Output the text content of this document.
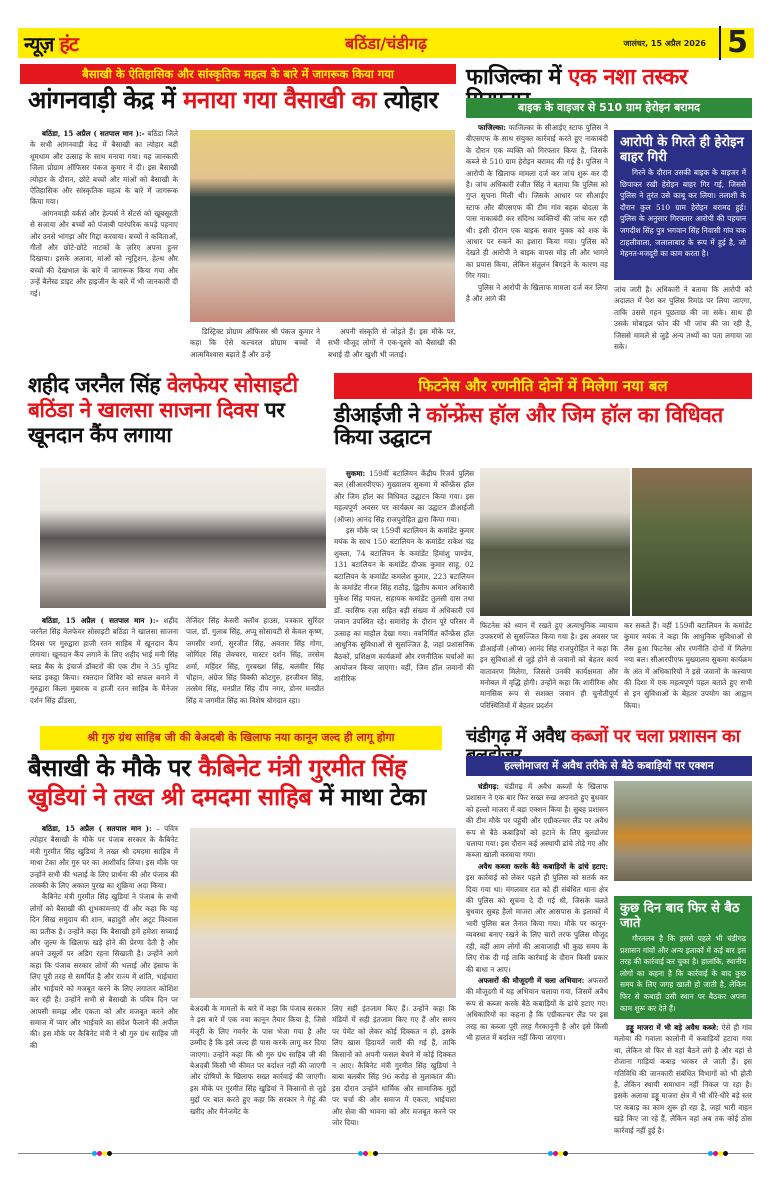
न्यूज़ हंट	बठिंडा/चंडीगढ़	जालंधर, 15 अप्रैल 2026 5
बैसाखी के ऐतिहासिक और सांस्कृतिक महत्व के बारे में जागरूक किया गया
आंगनवाड़ी केद्र में मनाया गया वैसाखी का त्योहार

बठिंडा, 15 अप्रैल ( सतपाल मान ):- बठिंडा जिले के सभी आंगनवाड़ी केद्र में बैसाखी का त्योहार बड़ी धूमधाम और उत्साह के साथ मनाया गया। यह जानकारी जिला प्रोग्राम ऑफिसर पंकज कुमार ने दी। इस बैसाखी त्योहार के दौरान, छोटे बच्चों और मांओं को बैसाखी के ऐतिहासिक और सांस्कृतिक महत्व के बारे में जागरूक किया गया।

आंगनवाड़ी वर्कर्स और हेल्पर्स ने सेंटर्स को खूबसूरती से सजाया और बच्चों को पंजाबी पारंपरिक कपड़े पहनाए और उनसे भांगड़ा और गिद्दा करवाया। बच्चों ने कविताओं, गीतों और छोटे-छोटे नाटकों के ज़रिए अपना हुनर दिखाया। इसके अलावा, मांओं को न्यूट्रिशन, हेल्थ और बच्चों की देखभाल के बारे में जागरूक किया गया और उन्हें बैलेंस्ड डाइट और हाइजीन के बारे में भी जानकारी दी गई।

डिस्ट्रिक्ट प्रोग्राम ऑफिसर श्री पंकज कुमार ने कहा कि ऐसे कल्चरल प्रोग्राम बच्चों में आत्मविश्वास बढ़ाते हैं और उन्हें

अपनी संस्कृति से जोड़ते हैं। इस मौके पर, सभी मौजूद लोगों ने एक-दूसरे को बैसाखी की बधाई दी और खुशी भी जताई।

फाजिल्का में एक नशा तस्कर
बाइक के वाइजर से 510 ग्राम हेरोइन बरामद

फाजिल्का: फाजिल्का के सीआईए स्टाफ पुलिस ने बीएसएफ के साथ संयुक्त कार्रवाई करते हुए नाकाबंदी के दौरान एक व्यक्ति को गिरफ्तार किया है, जिसके कब्जे से 510 ग्राम हेरोइन बरामद की गई है। पुलिस ने आरोपी के खिलाफ मामला दर्ज कर जांच शुरू कर दी है। जांच अधिकारी रंजीत सिंह ने बताया कि पुलिस को गुप्त सूचना मिली थी। जिसके आधार पर सीआईए स्टाफ और बीएसएफ की टीम गांव बहक बोदला के पास नाकाबंदी कर संदिग्ध व्यक्तियों की जांच कर रही थी। इसी दौरान एक बाइक सवार युवक को शक के आधार पर रुकने का इशारा किया गया। पुलिस को देखते ही आरोपी ने बाइक वापस मोड़ ली और भागने का प्रयास किया, लेकिन संतुलन बिगड़ने के कारण वह गिर गया।

पुलिस ने आरोपी के खिलाफ मामला दर्ज कर लिया है और आगे की

आरोपी के गिरते ही हेरोइन बाहर गिरी

गिरने के दौरान उसकी बाइक के वाइजर में छिपाकर रखी हेरोइन बाहर गिर गई, जिससे पुलिस ने तुरंत उसे काबू कर लिया। तलाशी के दौरान कुल 510 ग्राम हेरोइन बरामद हुई। पुलिस के अनुसार गिरफ्तार आरोपी की पहचान जगदीश सिंह पुत्र भगवान सिंह निवासी गांव चक टाहलीवाला, जलालाबाद के रूप में हुई है, जो मेहनत-मजदूरी का काम करता है।

जांच जारी है। अधिकारी ने बताया कि आरोपी को अदालत में पेश कर पुलिस रिमांड पर लिया जाएगा, ताकि उससे गहन पूछताछ की जा सके। साथ ही उसके मोबाइल फोन की भी जांच की जा रही है, जिससे मामले से जुड़े अन्य तथ्यों का पता लगाया जा सके।

शहीद जरनैल सिंह वेलफेयर सोसाइटी बठिंडा ने खालसा साजना दिवस पर खूनदान कैंप लगाया

बठिंडा, 15 अप्रैल ( सतपाल मान ):- शहीद जरनैल सिंह वेलफेयर सोसाइटी बठिंडा ने खालसा साजना दिवस पर गुरुद्वारा हाजी रतन साहिब में खूनदान कैंप लगाया। खूनदान कैंप लगाने के लिए शहीद भाई मनी सिंह ब्लड बैंक के इंचार्ज डॉक्टरों की एक टीम ने 35 यूनिट ब्लड इकट्ठा किया। रक्तदान शिविर को सफल बनाने में गुरुद्वारा किला मुबारक व हाजी रतन साहिब के मैनेजर दर्शन सिंह ढींडसा,

तेजिंदर सिंह केसरी क्लॉथ हाउस, पत्रकार सुरिंदर पाल, डॉ. गुलाब सिंह, अप्पू सोसायटी से केवल कृष्ण, जगसीर शर्मा, सुरजीत सिंह, अवतार सिंह गोगा, जोगिंदर सिंह लेक्चरर, मास्टर दर्शन सिंह, तरसेम शर्मा, महिंदर सिंह, गुरबख्श सिंह, बलवीर सिंह चौहान, अंग्रेज सिंह विक्की कोटगुरु, हरजीवन सिंह, तरसेम सिंह, मनप्रीत सिंह दीप नगर, डोनर मनप्रीत सिंह व जगमीत सिंह का विशेष योगदान रहा।

फिटनेस और रणनीति दोनों में मिलेगा नया बल
डीआईजी ने कॉन्फ्रेंस हॉल और जिम हॉल का विधिवत किया उद्घाटन

सुकमा: 159वीं बटालियन केंद्रीय रिजर्व पुलिस बल (सीआरपीएफ) मुख्यालय सुकमा में कॉन्फ्रेंस हॉल और जिम हॉल का विधिवत उद्घाटन किया गया। इस महत्वपूर्ण अवसर पर कार्यक्रम का उद्घाटन डीआईजी (ऑप्स) आनंद सिंह राजपुरोहित द्वारा किया गया।

इस मौके पर 159वीं बटालियन के कमांडेंट कुमार मयंक के साथ 150 बटालियन के कमांडेंट राकेश चंद्र शुक्ला, 74 बटालियन के कमांडेंट हिमांशु पाण्डेय, 131 बटालियन के कमांडेंट दीपक कुमार साहू, 02 बटालियन के कमांडेंट कमलेश कुमार, 223 बटालियन के कमांडेंट नीरज सिंह राठौड़, द्वितीय कमान अधिकारी मुकेश सिंह पायल, सहायक कमांडेंट तुलसी दास तथा डॉ. कासिफ रज़ा सहित बड़ी संख्या में अधिकारी एवं जवान उपस्थित रहे। समारोह के दौरान पूरे परिसर में उत्साह का माहौल देखा गया। नवनिर्मित कॉन्फ्रेंस हॉल आधुनिक सुविधाओं से सुसज्जित है, जहां प्रशासनिक बैठकों, प्रशिक्षण कार्यक्रमों और रणनीतिक चर्चाओं का आयोजन किया जाएगा। वहीं, जिम हॉल जवानों की शारीरिक

फिटनेस को ध्यान में रखते हुए अत्याधुनिक व्यायाम उपकरणों से सुसज्जित किया गया है। इस अवसर पर डीआईजी (ऑप्स) आनंद सिंह राजपुरोहित ने कहा कि इन सुविधाओं से जुड़े होने से जवानों को बेहतर कार्य वातावरण मिलेगा, जिससे उनकी कार्यक्षमता और मनोबल में वृद्धि होगी। उन्होंने कहा कि शारीरिक और मानसिक रूप से सशक्त जवान ही चुनौतीपूर्ण परिस्थितियों में बेहतर प्रदर्शन

कर सकते हैं। वहीं 159वीं बटालियन के कमांडेंट कुमार मयंक ने कहा कि आधुनिक सुविधाओं से लैस हुआ फिटनेस और रणनीति दोनों में मिलेगा नया बल। सीआरपीएफ मुख्यालय सुकमा कार्यक्रम के अंत में अधिकारियों ने इसे जवानों के कल्याण की दिशा में एक महत्वपूर्ण पहल बताते हुए सभी से इन सुविधाओं के बेहतर उपयोग का आह्वान किया।

श्री गुरु ग्रंथ साहिब जी की बेअदबी के खिलाफ नया कानून जल्द ही लागू होगा
बैसाखी के मौके पर कैबिनेट मंत्री गुरमीत सिंह खुडियां ने तख्त श्री दमदमा साहिब में माथा टेका

बठिंडा, 15 अप्रैल ( सतपाल मान ): – पवित्र त्योहार बैसाखी के मौके पर पंजाब सरकार के कैबिनेट मंत्री गुरमीत सिंह खुडियां ने तख्त श्री दमदमा साहिब में माथा टेका और गुरु घर का आशीर्वाद लिया। इस मौके पर उन्होंने सभी की भलाई के लिए प्रार्थना की और पंजाब की तरक्की के लिए अकाल पुरख का शुक्रिया अदा किया।

कैबिनेट मंत्री गुरमीत सिंह खुडियां ने पंजाब के सभी लोगों को बैसाखी की शुभकामनाएं दीं और कहा कि यह दिन सिख समुदाय की शान, बहादुरी और अटूट विश्वास का प्रतीक है। उन्होंने कहा कि बैसाखी हमें हमेशा सच्चाई और जुल्म के खिलाफ खड़े होने की प्रेरणा देती है और अपने उसूलों पर अडिग रहना सिखाती है। उन्होंने आगे कहा कि पंजाब सरकार लोगों की भलाई और इंसाफ के लिए पूरी तरह से समर्पित है और राज्य में शांति, भाईचारा और भाईचारे को मजबूत करने के लिए लगातार कोशिश कर रही है। उन्होंने सभी से बैसाखी के पवित्र दिन पर आपसी समझ और एकता को और मजबूत करने और समाज में प्यार और भाईचारे का संदेश फैलाने की अपील की। इस मौके पर कैबिनेट मंत्री ने श्री गुरु ग्रंथ साहिब जी की

बेअदबी के मामलों के बारे में कहा कि पंजाब सरकार ने इस बारे में एक नया कानून तैयार किया है, जिसे मंजूरी के लिए गवर्नर के पास भेजा गया है और उम्मीद है कि इसे जल्द ही पास करके लागू कर दिया जाएगा। उन्होंने कहा कि श्री गुरु ग्रंथ साहिब जी की बेअदबी किसी भी कीमत पर बर्दाश्त नहीं की जाएगी और दोषियों के खिलाफ सख्त कार्रवाई की जाएगी। इस मौके पर गुरमीत सिंह खुडियां ने किसानों से जुड़े मुद्दों पर बात करते हुए कहा कि सरकार ने गेहूं की खरीद और मैनेजमेंट के

लिए सही इंतजाम किए हैं। उन्होंने कहा कि मंडियों में सही इंतजाम किए गए हैं और समय पर पेमेंट को लेकर कोई दिक्कत न हो, इसके लिए खास हिदायतें जारी की गई हैं, ताकि किसानों को अपनी फसल बेचने में कोई दिक्कत न आए। कैबिनेट मंत्री गुरमीत सिंह खुडियां ने बाबा बलबीर सिंह 96 करोड़ से मुलाकात की। इस दौरान उन्होंने धार्मिक और सामाजिक मुद्दों पर चर्चा की और समाज में एकता, भाईचारा और सेवा की भावना को और मजबूत करने पर जोर दिया।

चंडीगढ़ में अवैध कब्जों पर चला प्रशासन का
हल्लोमाजरा में अवैध तरीके से बैठे कबाड़ियों पर एक्शन

चंडीगढ़: चंडीगढ़ में अवैध कब्जों के खिलाफ प्रशासन ने एक बार फिर सख्त रुख अपनाते हुए बुधवार को हल्लो माजरा में बड़ा एक्शन किया है। सुबह प्रशासन की टीम मौके पर पहुंची और एग्रीकल्चर लैंड पर अवैध रूप से बैठे कबाड़ियों को हटाने के लिए बुलडोजर चलाया गया। इस दौरान कई अस्थायी ढांचे तोड़े गए और कब्जा खाली करवाया गया।

अवैध कब्जा करके बैठे कबाड़ियों के ढांचे हटाए: इस कार्रवाई को लेकर पहले ही पुलिस को सतर्क कर दिया गया था। मंगलवार रात को ही संबंधित थाना क्षेत्र की पुलिस को सूचना दे दी गई थी, जिसके चलते बुधवार सुबह हैलो माजरा और आसपास के इलाकों में भारी पुलिस बल तैनात किया गया। मौके पर कानून-व्यवस्था बनाए रखने के लिए चारों तरफ पुलिस मौजूद रही, वहीं आम लोगों की आवाजाही भी कुछ समय के लिए रोक दी गई ताकि कार्रवाई के दौरान किसी प्रकार की बाधा न आए।

अफसरों की मौजूदगी में चला अभियान: अफसरों की मौजूदगी में यह अभियान चलाया गया, जिसमें अवैध रूप से कब्जा करके बैठे कबाड़ियों के ढांचे हटाए गए। अधिकारियों का कहना है कि एग्रीकल्चर लैंड पर इस तरह का कब्जा पूरी तरह गैरकानूनी है और इसे किसी भी हालत में बर्दाश्त नहीं किया जाएगा।

कुछ दिन बाद फिर से बैठ जाते

गौरतलब है कि इससे पहले भी चंडीगढ़ प्रशासन गांवों और अन्य इलाकों में कई बार इस तरह की कार्रवाई कर चुका है। हालांकि, स्थानीय लोगों का कहना है कि कार्रवाई के बाद कुछ समय के लिए जगह खाली हो जाती है, लेकिन फिर से कबाड़ी उसी स्थान पर बैठकर अपना काम शुरू कर देते हैं।

डड्डू माजरा में भी बड़े अवैध कब्जे: ऐसे ही गांव मलोया की गवाला कालोनी में कबाड़ियों हटाया गया था, लेकिन वो फिर से वहां बैठने लगे है और वहां से रोजाना गाड़ियां कबाड़ भरकर ले जाती हैं। इस गतिविधि की जानकारी संबंधित विभागों को भी होती है, लेकिन स्थायी समाधान नहीं निकल पा रहा है। इसके अलावा डड्डू माजरा क्षेत्र में भी धीरे-धीरे बड़े स्तर पर कबाड़ का काम शुरू हो रहा है, जहां भारी वाहन खड़े किए जा रहे हैं, लेकिन वहां अब तक कोई ठोस कार्रवाई नहीं हुई है।
